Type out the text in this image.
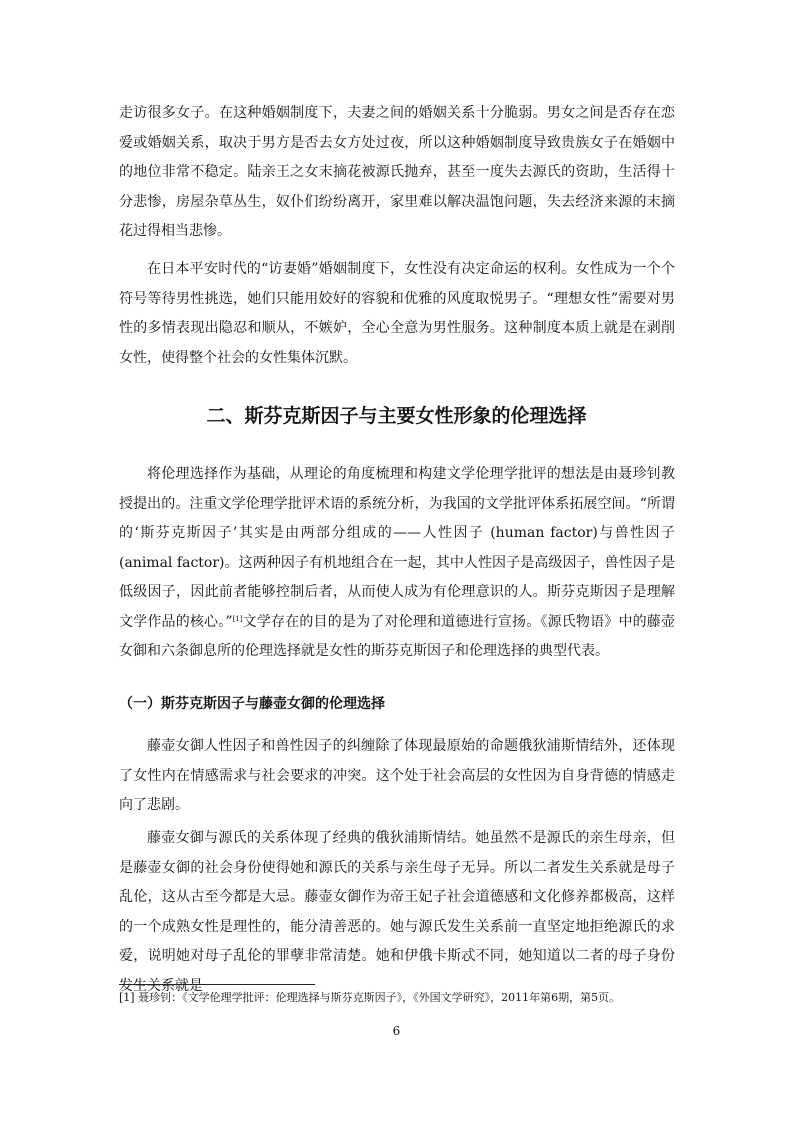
走访很多女子。在这种婚姻制度下，夫妻之间的婚姻关系十分脆弱。男女之间是否存在恋爱或婚姻关系，取决于男方是否去女方处过夜，所以这种婚姻制度导致贵族女子在婚姻中的地位非常不稳定。陆亲王之女末摘花被源氏抛弃，甚至一度失去源氏的资助，生活得十分悲惨，房屋杂草丛生，奴仆们纷纷离开，家里难以解决温饱问题，失去经济来源的末摘花过得相当悲惨。

在日本平安时代的“访妻婚”婚姻制度下，女性没有决定命运的权利。女性成为一个个符号等待男性挑选，她们只能用姣好的容貌和优雅的风度取悦男子。“理想女性”需要对男性的多情表现出隐忍和顺从，不嫉妒，全心全意为男性服务。这种制度本质上就是在剥削女性，使得整个社会的女性集体沉默。

二、斯芬克斯因子与主要女性形象的伦理选择

将伦理选择作为基础，从理论的角度梳理和构建文学伦理学批评的想法是由聂珍钊教授提出的。注重文学伦理学批评术语的系统分析，为我国的文学批评体系拓展空间。“所谓的‘斯芬克斯因子’其实是由两部分组成的——人性因子 (human factor)与兽性因子(animal factor)。这两种因子有机地组合在一起，其中人性因子是高级因子，兽性因子是低级因子，因此前者能够控制后者，从而使人成为有伦理意识的人。斯芬克斯因子是理解文学作品的核心。”[1]文学存在的目的是为了对伦理和道德进行宣扬。《源氏物语》中的藤壶女御和六条御息所的伦理选择就是女性的斯芬克斯因子和伦理选择的典型代表。

（一）斯芬克斯因子与藤壶女御的伦理选择

藤壶女御人性因子和兽性因子的纠缠除了体现最原始的命题俄狄浦斯情结外，还体现了女性内在情感需求与社会要求的冲突。这个处于社会高层的女性因为自身背德的情感走向了悲剧。

藤壶女御与源氏的关系体现了经典的俄狄浦斯情结。她虽然不是源氏的亲生母亲，但是藤壶女御的社会身份使得她和源氏的关系与亲生母子无异。所以二者发生关系就是母子乱伦，这从古至今都是大忌。藤壶女御作为帝王妃子社会道德感和文化修养都极高，这样的一个成熟女性是理性的，能分清善恶的。她与源氏发生关系前一直坚定地拒绝源氏的求爱，说明她对母子乱伦的罪孽非常清楚。她和伊俄卡斯忒不同，她知道以二者的母子身份发生关系就是

[1] 聂珍钊：《文学伦理学批评：伦理选择与斯芬克斯因子》，《外国文学研究》，2011年第6期，第5页。

6
